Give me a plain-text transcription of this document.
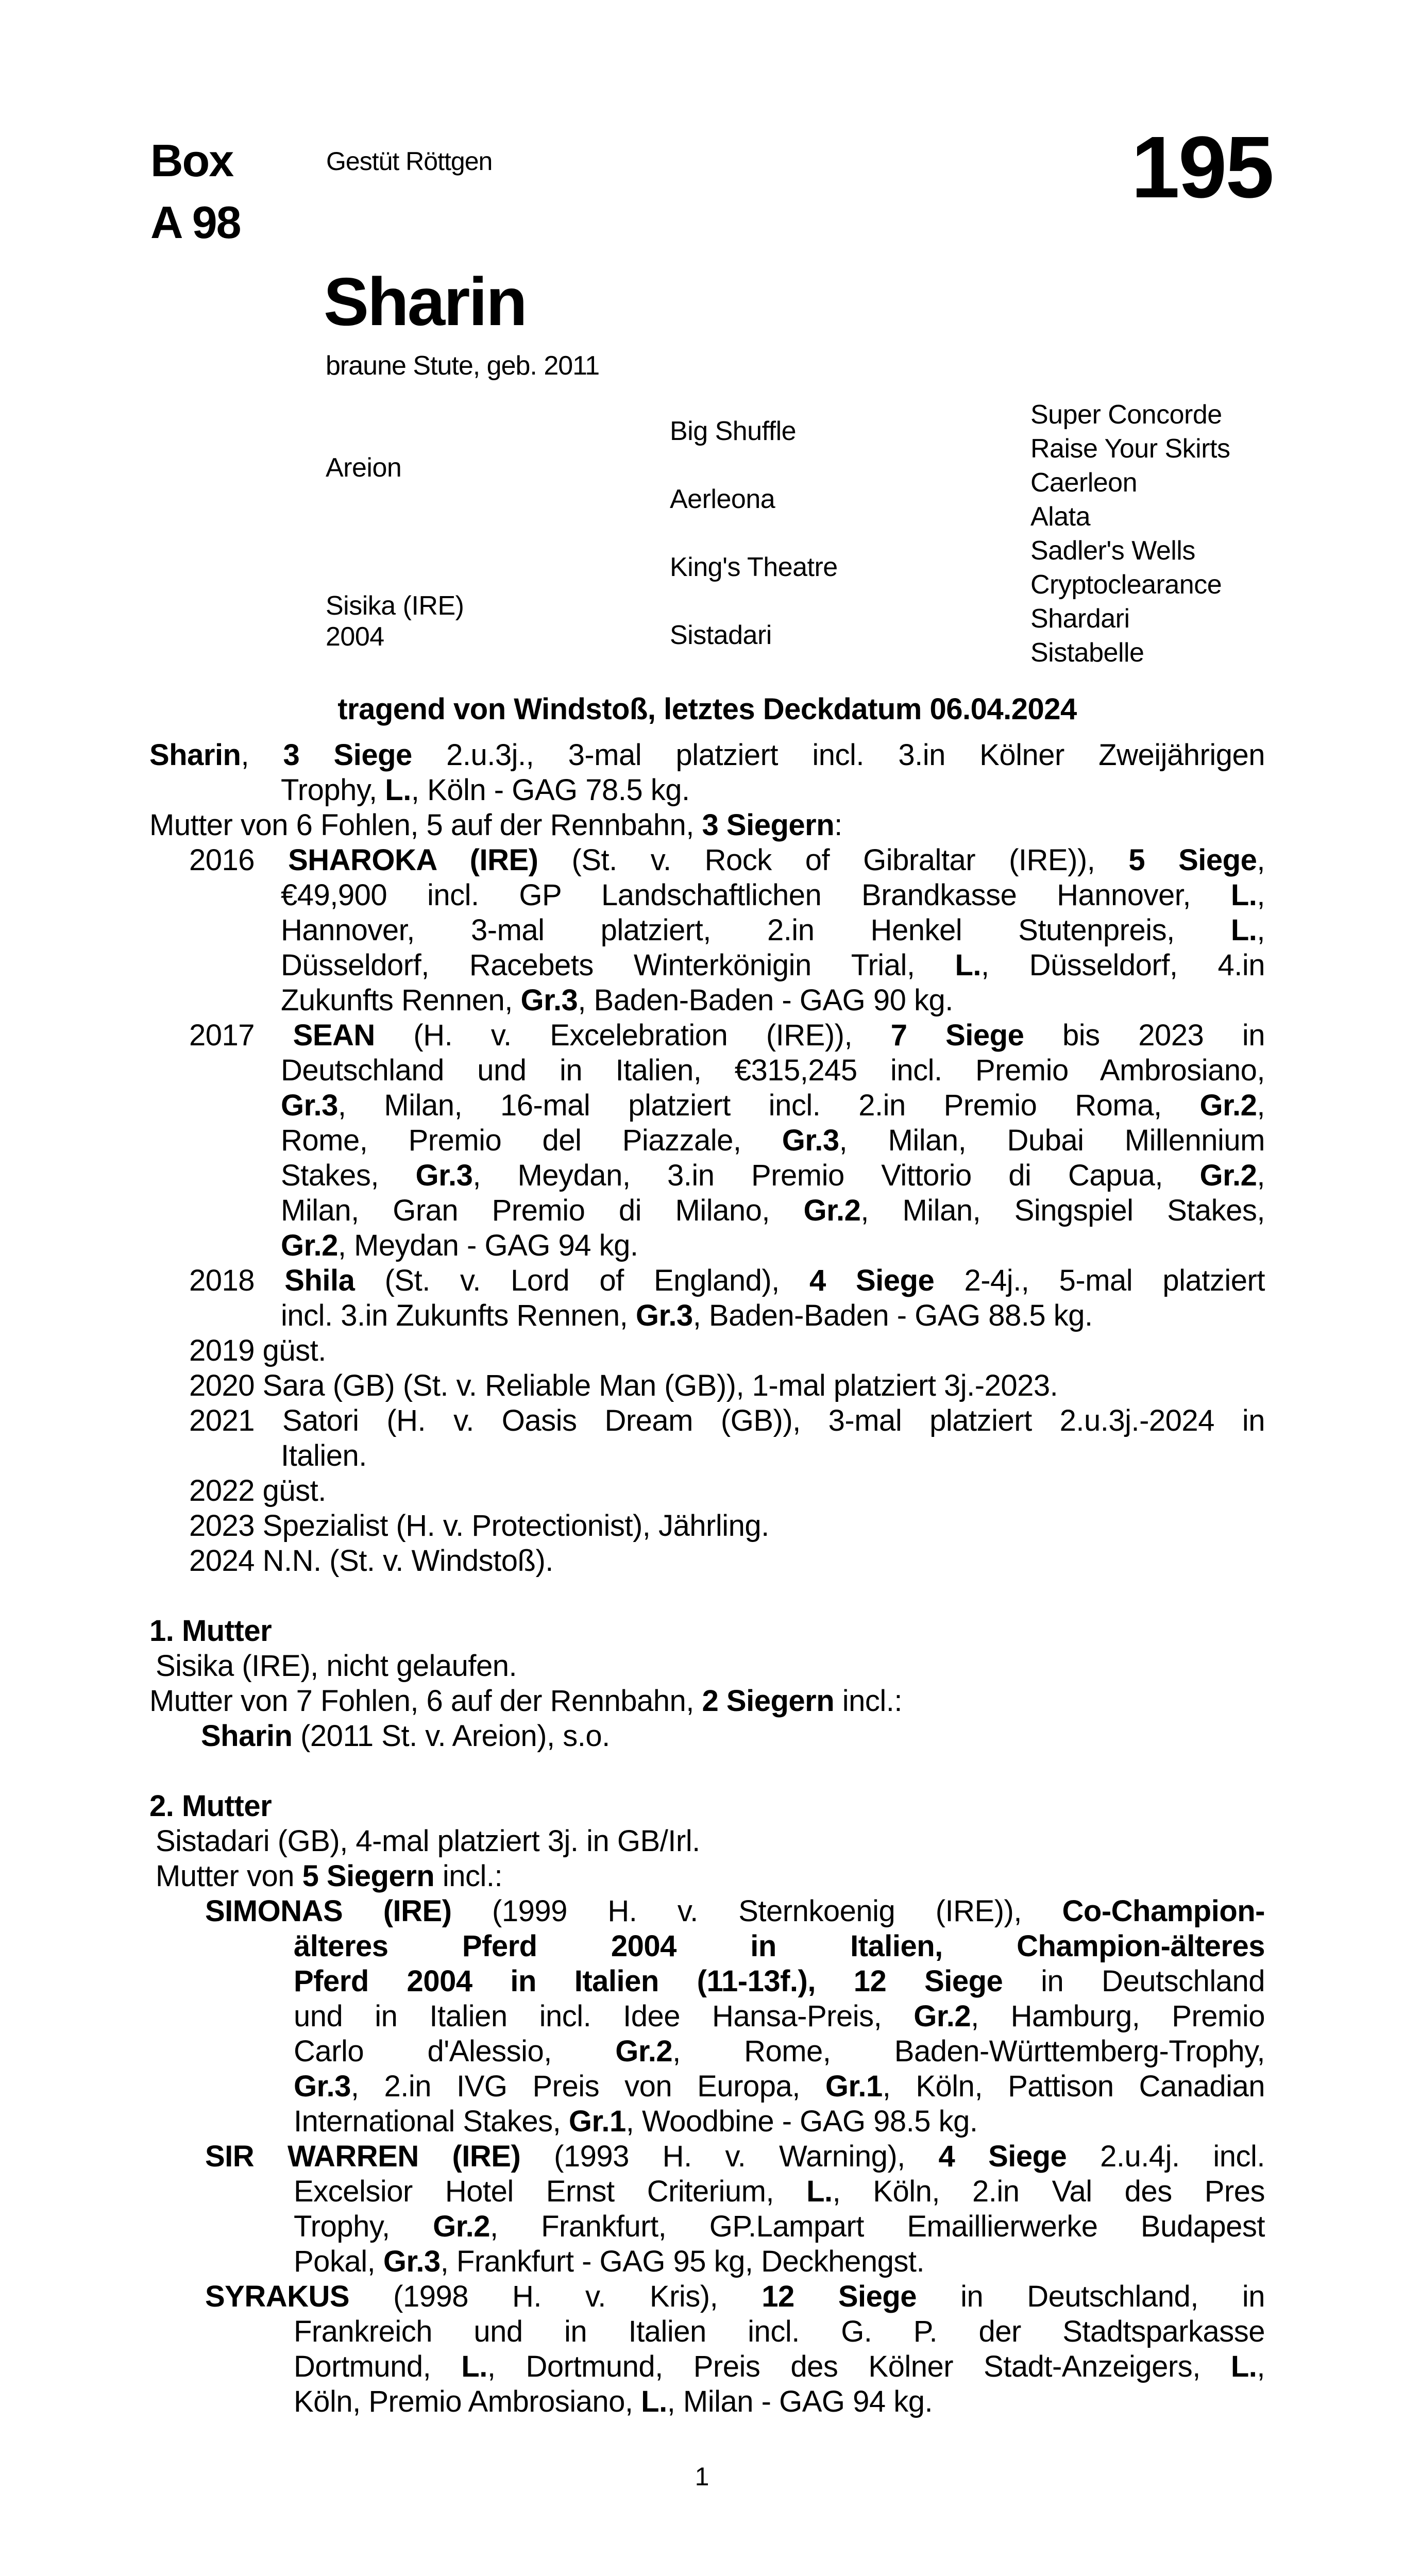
Box
A 98
Gestüt Röttgen	195
Sharin
braune Stute, geb. 2011
Areion
Sisika (IRE)
2004
Big Shuffle
Aerleona
King's Theatre
Sistadari
Super Concorde
Raise Your Skirts
Caerleon
Alata
Sadler's Wells
Cryptoclearance
Shardari
Sistabelle
tragend von Windstoß, letztes Deckdatum 06.04.2024
Sharin, 3 Siege 2.u.3j., 3-mal platziert incl. 3.in Kölner Zweijährigen
Trophy, L., Köln - GAG 78.5 kg.
Mutter von 6 Fohlen, 5 auf der Rennbahn, 3 Siegern:
2016 SHAROKA (IRE) (St. v. Rock of Gibraltar (IRE)), 5 Siege,
€49,900 incl. GP Landschaftlichen Brandkasse Hannover, L.,
Hannover, 3-mal platziert, 2.in Henkel Stutenpreis, L.,
Düsseldorf, Racebets Winterkönigin Trial, L., Düsseldorf, 4.in
Zukunfts Rennen, Gr.3, Baden-Baden - GAG 90 kg.
2017 SEAN (H. v. Excelebration (IRE)), 7 Siege bis 2023 in
Deutschland und in Italien, €315,245 incl. Premio Ambrosiano,
Gr.3, Milan, 16-mal platziert incl. 2.in Premio Roma, Gr.2,
Rome, Premio del Piazzale, Gr.3, Milan, Dubai Millennium
Stakes, Gr.3, Meydan, 3.in Premio Vittorio di Capua, Gr.2,
Milan, Gran Premio di Milano, Gr.2, Milan, Singspiel Stakes,
Gr.2, Meydan - GAG 94 kg.
2018 Shila (St. v. Lord of England), 4 Siege 2-4j., 5-mal platziert
incl. 3.in Zukunfts Rennen, Gr.3, Baden-Baden - GAG 88.5 kg.
2019 güst.
2020 Sara (GB) (St. v. Reliable Man (GB)), 1-mal platziert 3j.-2023.
2021 Satori (H. v. Oasis Dream (GB)), 3-mal platziert 2.u.3j.-2024 in
Italien.
2022 güst.
2023 Spezialist (H. v. Protectionist), Jährling.
2024 N.N. (St. v. Windstoß).
1. Mutter
Sisika (IRE), nicht gelaufen.
Mutter von 7 Fohlen, 6 auf der Rennbahn, 2 Siegern incl.:
Sharin (2011 St. v. Areion), s.o.
2. Mutter
Sistadari (GB), 4-mal platziert 3j. in GB/Irl.
Mutter von 5 Siegern incl.:
SIMONAS (IRE) (1999 H. v. Sternkoenig (IRE)), Co-Champion-
älteres Pferd 2004 in Italien, Champion-älteres
Pferd 2004 in Italien (11-13f.), 12 Siege in Deutschland
und in Italien incl. Idee Hansa-Preis, Gr.2, Hamburg, Premio
Carlo d'Alessio, Gr.2, Rome, Baden-Württemberg-Trophy,
Gr.3, 2.in IVG Preis von Europa, Gr.1, Köln, Pattison Canadian
International Stakes, Gr.1, Woodbine - GAG 98.5 kg.
SIR WARREN (IRE) (1993 H. v. Warning), 4 Siege 2.u.4j. incl.
Excelsior Hotel Ernst Criterium, L., Köln, 2.in Val des Pres
Trophy, Gr.2, Frankfurt, GP.Lampart Emaillierwerke Budapest
Pokal, Gr.3, Frankfurt - GAG 95 kg, Deckhengst.
SYRAKUS (1998 H. v. Kris), 12 Siege in Deutschland, in
Frankreich und in Italien incl. G. P. der Stadtsparkasse
Dortmund, L., Dortmund, Preis des Kölner Stadt-Anzeigers, L.,
Köln, Premio Ambrosiano, L., Milan - GAG 94 kg.
1
